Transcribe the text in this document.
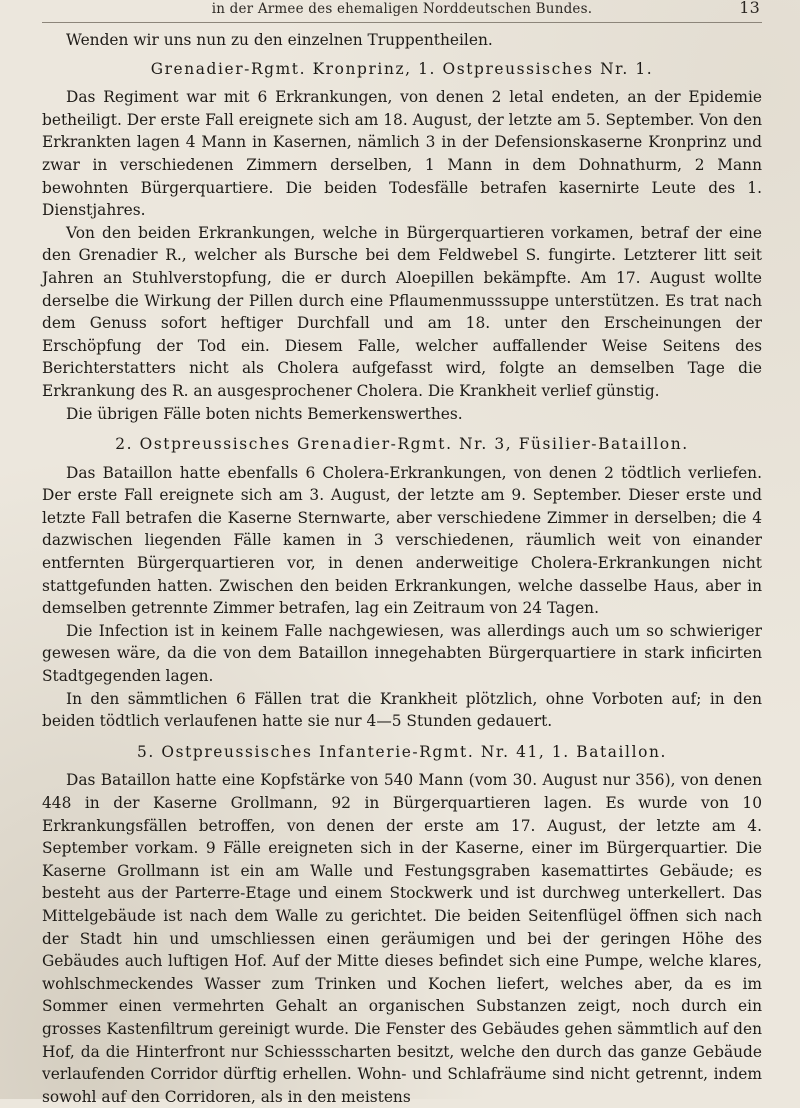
in der Armee des ehemaligen Norddeutschen Bundes.	13

Wenden wir uns nun zu den einzelnen Truppentheilen.

Grenadier-Rgmt. Kronprinz, 1. Ostpreussisches Nr. 1.

Das Regiment war mit 6 Erkrankungen, von denen 2 letal endeten, an der Epidemie betheiligt. Der erste Fall ereignete sich am 18. August, der letzte am 5. September. Von den Erkrankten lagen 4 Mann in Kasernen, nämlich 3 in der Defensionskaserne Kronprinz und zwar in verschiedenen Zimmern derselben, 1 Mann in dem Dohnathurm, 2 Mann bewohnten Bürgerquartiere. Die beiden Todesfälle betrafen kasernirte Leute des 1. Dienstjahres.

Von den beiden Erkrankungen, welche in Bürgerquartieren vorkamen, betraf der eine den Grenadier R., welcher als Bursche bei dem Feldwebel S. fungirte. Letzterer litt seit Jahren an Stuhlverstopfung, die er durch Aloepillen bekämpfte. Am 17. August wollte derselbe die Wirkung der Pillen durch eine Pflaumenmusssuppe unterstützen. Es trat nach dem Genuss sofort heftiger Durchfall und am 18. unter den Erscheinungen der Erschöpfung der Tod ein. Diesem Falle, welcher auffallender Weise Seitens des Berichterstatters nicht als Cholera aufgefasst wird, folgte an demselben Tage die Erkrankung des R. an ausgesprochener Cholera. Die Krankheit verlief günstig.

Die übrigen Fälle boten nichts Bemerkenswerthes.

2. Ostpreussisches Grenadier-Rgmt. Nr. 3, Füsilier-Bataillon.

Das Bataillon hatte ebenfalls 6 Cholera-Erkrankungen, von denen 2 tödtlich verliefen. Der erste Fall ereignete sich am 3. August, der letzte am 9. September. Dieser erste und letzte Fall betrafen die Kaserne Sternwarte, aber verschiedene Zimmer in derselben; die 4 dazwischen liegenden Fälle kamen in 3 verschiedenen, räumlich weit von einander entfernten Bürgerquartieren vor, in denen anderweitige Cholera-Erkrankungen nicht stattgefunden hatten. Zwischen den beiden Erkrankungen, welche dasselbe Haus, aber in demselben getrennte Zimmer betrafen, lag ein Zeitraum von 24 Tagen.

Die Infection ist in keinem Falle nachgewiesen, was allerdings auch um so schwieriger gewesen wäre, da die von dem Bataillon innegehabten Bürgerquartiere in stark inficirten Stadtgegenden lagen.

In den sämmtlichen 6 Fällen trat die Krankheit plötzlich, ohne Vorboten auf; in den beiden tödtlich verlaufenen hatte sie nur 4—5 Stunden gedauert.

5. Ostpreussisches Infanterie-Rgmt. Nr. 41, 1. Bataillon.

Das Bataillon hatte eine Kopfstärke von 540 Mann (vom 30. August nur 356), von denen 448 in der Kaserne Grollmann, 92 in Bürgerquartieren lagen. Es wurde von 10 Erkrankungsfällen betroffen, von denen der erste am 17. August, der letzte am 4. September vorkam. 9 Fälle ereigneten sich in der Kaserne, einer im Bürgerquartier. Die Kaserne Grollmann ist ein am Walle und Festungsgraben kasemattirtes Gebäude; es besteht aus der Parterre-Etage und einem Stockwerk und ist durchweg unterkellert. Das Mittelgebäude ist nach dem Walle zu gerichtet. Die beiden Seitenflügel öffnen sich nach der Stadt hin und umschliessen einen geräumigen und bei der geringen Höhe des Gebäudes auch luftigen Hof. Auf der Mitte dieses befindet sich eine Pumpe, welche klares, wohlschmeckendes Wasser zum Trinken und Kochen liefert, welches aber, da es im Sommer einen vermehrten Gehalt an organischen Substanzen zeigt, noch durch ein grosses Kastenfiltrum gereinigt wurde. Die Fenster des Gebäudes gehen sämmtlich auf den Hof, da die Hinterfront nur Schiessscharten besitzt, welche den durch das ganze Gebäude verlaufenden Corridor dürftig erhellen. Wohn- und Schlafräume sind nicht getrennt, indem sowohl auf den Corridoren, als in den meistens
